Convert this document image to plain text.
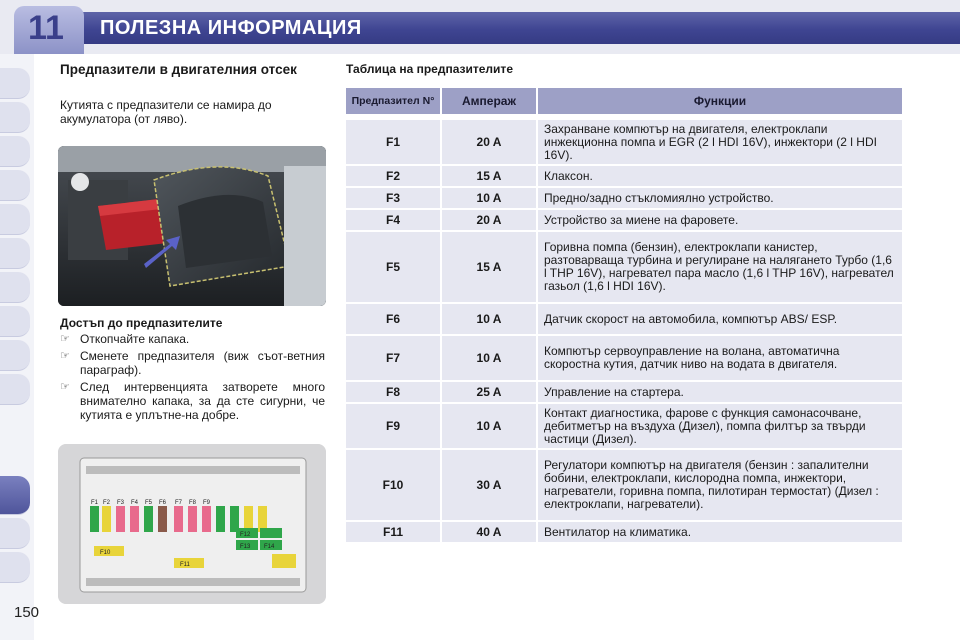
11	ПОЛЕЗНА ИНФОРМАЦИЯ
150
Предпазители в двигателния отсек

Кутията с предпазители се намира до акумулатора (от ляво).

Достъп до предпазителите
☞ Откопчайте капака.
☞ Сменете предпазителя (виж съот-ветния параграф).
☞ След интервенцията затворете много внимателно капака, за да сте сигурни, че кутията е уплътне-на добре.
F1 F2 F3 F4 F5 F6 F7 F8 F9
F10
F11
F12
F13 F14
Таблица на предпазителите
Предпазител N°	Ампераж	Функции

F1	20 A	Захранване компютър на двигателя, електроклапи инжекционна помпа и EGR (2 l HDI 16V), инжектори (2 l HDI 16V).
F2	15 A	Клаксон.
F3	10 A	Предно/задно стъкломиялно устройство.
F4	20 A	Устройство за миене на фаровете.
F5	15 A	Горивна помпа (бензин), електроклапи канистер, разтоварваща турбина и регулиране на налягането Турбо (1,6 l THP 16V), нагревател пара масло (1,6 l THP 16V), нагревател газьол (1,6 l HDI 16V).
F6	10 A	Датчик скорост на автомобила, компютър ABS/ ESP.
F7	10 A	Компютър сервоуправление на волана, автоматична скоростна кутия, датчик ниво на водата в двигателя.
F8	25 A	Управление на стартера.
F9	10 A	Контакт диагностика, фарове с функция самонасочване, дебитметър на въздуха (Дизел), помпа филтър за твърди частици (Дизел).
F10	30 A	Регулатори компютър на двигателя (бензин : запалителни бобини, електроклапи, кислородна помпа, инжектори, нагреватели, горивна помпа, пилотиран термостат) (Дизел : електроклапи, нагреватели).
F11	40 A	Вентилатор на климатика.
